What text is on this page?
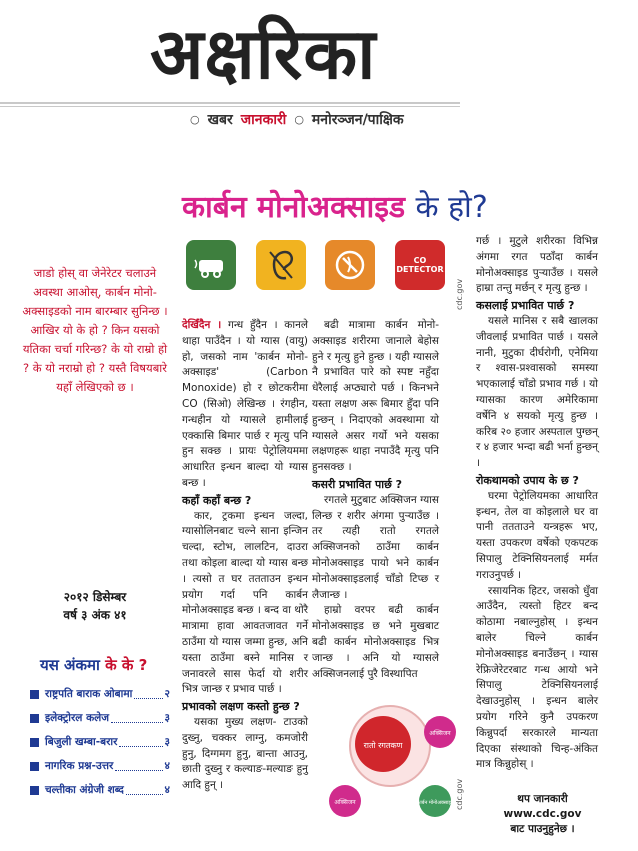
अक्षरिका
○ खबर जानकारी ○ मनोरञ्जन/पाक्षिक
कार्बन मोनोअक्साइड के हो?
CO
DETECTOR
जाडो होस् वा जेनेरेटर चलाउने अवस्था आओस्, कार्बन मोनो-अक्साइडको नाम बारम्बार सुनिन्छ । आखिर यो के हो ? किन यसको यतिका चर्चा गरिन्छ? के यो राम्रो हो ? के यो नराम्रो हो ? यस्तै विषयबारे यहाँ लेखिएको छ ।
२०१२ डिसेम्बर
वर्ष ३ अंक ४१
यस अंकमा के के ?
राष्ट्रपति बाराक ओबामा	२
इलेक्ट्रोरल कलेज	३
बिजुली खम्बा-बरार	३
नागरिक प्रश्न-उत्तर	४
चल्तीका अंग्रेजी शब्द	४

देखिँदैन । गन्ध हुँदैन । कानले थाहा पाउँदैन । यो ग्यास (वायु) हो, जसको नाम 'कार्बन मोनो-अक्साइड' (Carbon Monoxide) हो र छोटकरीमा CO (सिओ) लेखिन्छ । रंगहीन, गन्धहीन यो ग्यासले हामीलाई एक्कासि बिमार पार्छ र मृत्यु पनि हुन सक्छ । प्रायः पेट्रोलियममा आधारित इन्धन बाल्दा यो ग्यास बन्छ ।

कहाँ कहाँ बन्छ ?

कार, ट्रकमा इन्धन जल्दा, ग्यासोलिनबाट चल्ने साना इन्जिन चल्दा, स्टोभ, लालटिन, दाउरा तथा कोइला बाल्दा यो ग्यास बन्छ । त्यसो त घर ततताउन इन्धन प्रयोग गर्दा पनि कार्बन मोनोअक्साइड बन्छ । बन्द वा थोरै मात्रामा हावा आवतजावत गर्ने ठाउँमा यो ग्यास जम्मा हुन्छ, अनि यस्ता ठाउँमा बस्ने मानिस र जनावरले सास फेर्दा यो शरीर भित्र जान्छ र प्रभाव पार्छ ।

प्रभावको लक्षण कस्तो हुन्छ ?

यसका मुख्य लक्षण- टाउको दुख्नु, चक्कर लाग्नु, कमजोरी हुनु, दिग्गमग हुनु, बान्ता आउनु, छाती दुख्नु र कल्याङ-मल्याङ हुनु आदि हुन् ।

बढी मात्रामा कार्बन मोनो-अक्साइड शरीरमा जानाले बेहोस हुने र मृत्यु हुने हुन्छ । यही ग्यासले नै प्रभावित पारे को स्पष्ट नहुँदा धेरैलाई अप्ठ्यारो पर्छ । किनभने यस्ता लक्षण अरू बिमार हुँदा पनि हुन्छन् । निदाएको अवस्थामा यो ग्यासले असर गर्यो भने यसका लक्षणहरू थाहा नपाउँदै मृत्यु पनि हुनसक्छ ।

कसरी प्रभावित पार्छ ?

रगतले मुटुबाट अक्सिजन ग्यास लिन्छ र शरीर अंगमा पुऱ्याउँछ । तर त्यही रातो रगतले अक्सिजनको ठाउँमा कार्बन मोनोअक्साइड पायो भने कार्बन मोनोअक्साइडलाई चाँडो टिप्छ र लैजान्छ ।

हाम्रो वरपर बढी कार्बन मोनोअक्साइड छ भने मुखबाट बढी कार्बन मोनोअक्साइड भित्र जान्छ । अनि यो ग्यासले अक्सिजनलाई पुरै विस्थापित

रातो रगतकण
अक्सिजन
अक्सिजन	कार्बन मोनोअक्साइड
cdc.gov
cdc.gov

गर्छ । मुटुले शरीरका विभिन्न अंगमा रगत पठाँदा कार्बन मोनोअक्साइड पुऱ्याउँछ । यसले हाम्रा तन्तु मर्छन् र मृत्यु हुन्छ ।

कसलाई प्रभावित पार्छ ?

यसले मानिस र सबै खालका जीवलाई प्रभावित पार्छ । यसले नानी, मुटुका दीर्घरोगी, एनेमिया र श्वास-प्रश्वासको समस्या भएकालाई चाँडो प्रभाव गर्छ । यो ग्यासका कारण अमेरिकामा वर्षेनि ४ सयको मृत्यु हुन्छ । करिब २० हजार अस्पताल पुग्छन् र ४ हजार भन्दा बढी भर्ना हुन्छन् ।

रोकथामको उपाय के छ ?

घरमा पेट्रोलियमका आधारित इन्धन, तेल वा कोइलाले घर वा पानी ततताउने यन्त्रहरू भए, यस्ता उपकरण वर्षेको एकपटक सिपालु टेक्निसियनलाई मर्मत गराउनुपर्छ ।

रसायनिक हिटर, जसको धुँवा आउँदैन, त्यस्तो हिटर बन्द कोठामा नबाल्नुहोस् । इन्धन बालेर चिल्ने कार्बन मोनोअक्साइड बनाउँछन् । ग्यास रेफ्रिजेरेटरबाट गन्ध आयो भने सिपालु टेक्निसियनलाई देखाउनुहोस् । इन्धन बालेर प्रयोग गरिने कुनै उपकरण किन्नुपर्दा सरकारले मान्यता दिएका संस्थाको चिन्ह-अंकित मात्र किन्नुहोस् ।

थप जानकारी www.cdc.gov
बाट पाउनुहुनेछ ।
